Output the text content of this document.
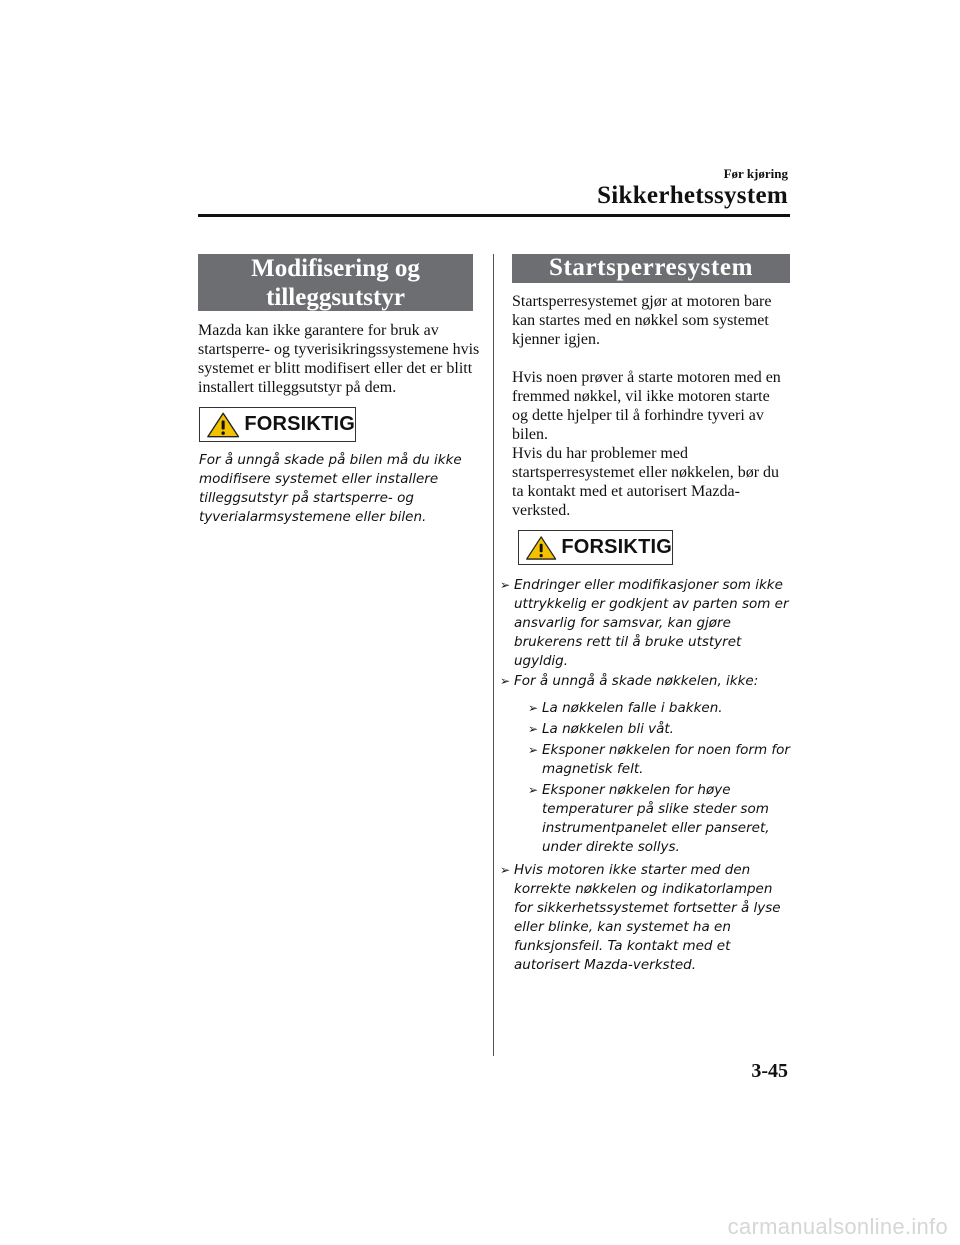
Før kjøring
Sikkerhetssystem
Modifisering og
tilleggsutstyr

Mazda kan ikke garantere for bruk av startsperre- og tyverisikringssystemene hvis systemet er blitt modifisert eller det er blitt installert tilleggsutstyr på dem.

FORSIKTIG

For å unngå skade på bilen må du ikke modifisere systemet eller installere tilleggsutstyr på startsperre- og tyverialarmsystemene eller bilen.

Startsperresystem

Startsperresystemet gjør at motoren bare kan startes med en nøkkel som systemet kjenner igjen.

Hvis noen prøver å starte motoren med en fremmed nøkkel, vil ikke motoren starte og dette hjelper til å forhindre tyveri av bilen.

Hvis du har problemer med startsperresystemet eller nøkkelen, bør du ta kontakt med et autorisert Mazda-verksted.

FORSIKTIG
➢ Endringer eller modifikasjoner som ikke uttrykkelig er godkjent av parten som er ansvarlig for samsvar, kan gjøre brukerens rett til å bruke utstyret ugyldig.
➢ For å unngå å skade nøkkelen, ikke:
➢ La nøkkelen falle i bakken.
➢ La nøkkelen bli våt.
➢ Eksponer nøkkelen for noen form for magnetisk felt.
➢ Eksponer nøkkelen for høye temperaturer på slike steder som instrumentpanelet eller panseret, under direkte sollys.
➢ Hvis motoren ikke starter med den korrekte nøkkelen og indikatorlampen for sikkerhetssystemet fortsetter å lyse eller blinke, kan systemet ha en funksjonsfeil. Ta kontakt med et autorisert Mazda-verksted.
3-45
carmanualsonline.info
